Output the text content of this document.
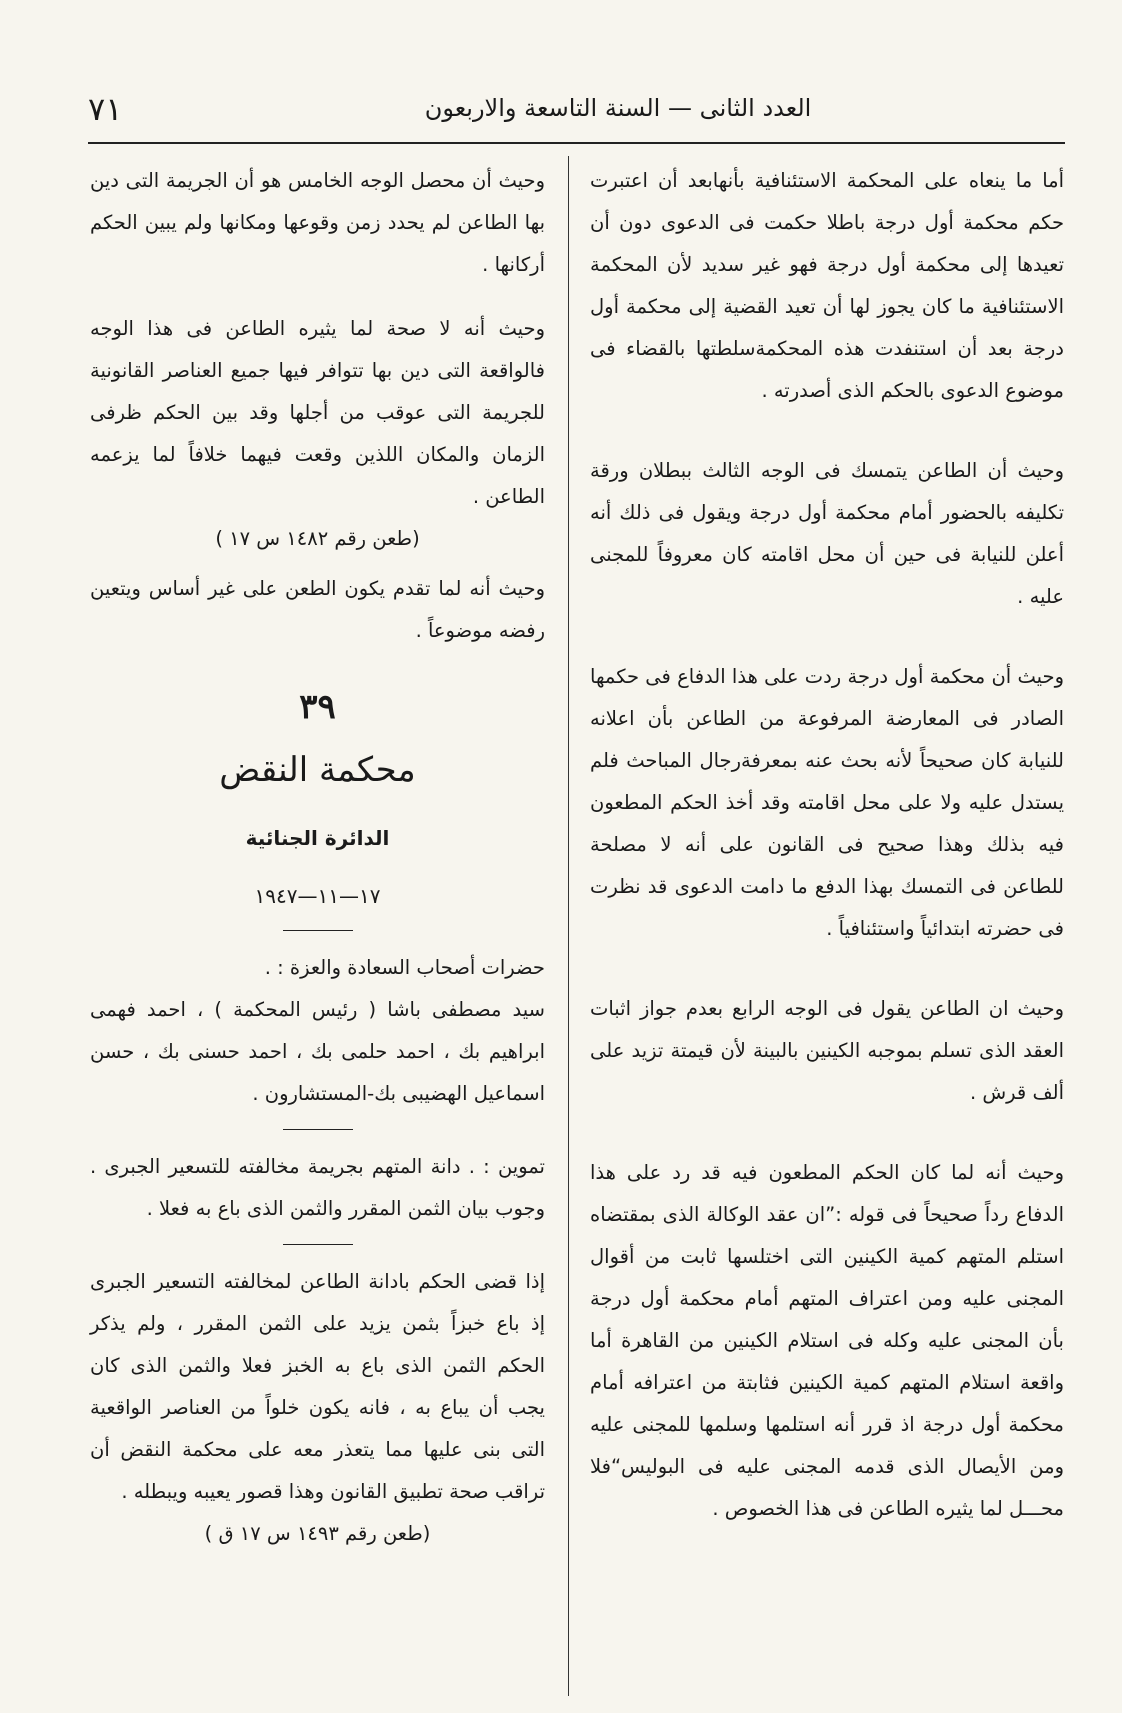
٧١	العدد الثانى — السنة التاسعة والاربعون

أما ما ينعاه على المحكمة الاستئنافية بأنهابعد أن اعتبرت حكم محكمة أول درجة باطلا حكمت فى الدعوى دون أن تعيدها إلى محكمة أول درجة فهو غير سديد لأن المحكمة الاستئنافية ما كان يجوز لها أن تعيد القضية إلى محكمة أول درجة بعد أن استنفدت هذه المحكمةسلطتها بالقضاء فى موضوع الدعوى بالحكم الذى أصدرته .

وحيث أن الطاعن يتمسك فى الوجه الثالث ببطلان ورقة تكليفه بالحضور أمام محكمة أول درجة ويقول فى ذلك أنه أعلن للنيابة فى حين أن محل اقامته كان معروفاً للمجنى عليه .

وحيث أن محكمة أول درجة ردت على هذا الدفاع فى حكمها الصادر فى المعارضة المرفوعة من الطاعن بأن اعلانه للنيابة كان صحيحاً لأنه بحث عنه بمعرفةرجال المباحث فلم يستدل عليه ولا على محل اقامته وقد أخذ الحكم المطعون فيه بذلك وهذا صحيح فى القانون على أنه لا مصلحة للطاعن فى التمسك بهذا الدفع ما دامت الدعوى قد نظرت فى حضرته ابتدائياً واستئنافياً .

وحيث ان الطاعن يقول فى الوجه الرابع بعدم جواز اثبات العقد الذى تسلم بموجبه الكينين بالبينة لأن قيمتة تزيد على ألف قرش .

وحيث أنه لما كان الحكم المطعون فيه قد رد على هذا الدفاع رداً صحيحاً فى قوله :”ان عقد الوكالة الذى بمقتضاه استلم المتهم كمية الكينين التى اختلسها ثابت من أقوال المجنى عليه ومن اعتراف المتهم أمام محكمة أول درجة بأن المجنى عليه وكله فى استلام الكينين من القاهرة أما واقعة استلام المتهم كمية الكينين فثابتة من اعترافه أمام محكمة أول درجة اذ قرر أنه استلمها وسلمها للمجنى عليه ومن الأيصال الذى قدمه المجنى عليه فى البوليس“فلا محـــل لما يثيره الطاعن فى هذا الخصوص .

وحيث أن محصل الوجه الخامس هو أن الجريمة التى دين بها الطاعن لم يحدد زمن وقوعها ومكانها ولم يبين الحكم أركانها .

وحيث أنه لا صحة لما يثيره الطاعن فى هذا الوجه فالواقعة التى دين بها تتوافر فيها جميع العناصر القانونية للجريمة التى عوقب من أجلها وقد بين الحكم ظرفى الزمان والمكان اللذين وقعت فيهما خلافاً لما يزعمه الطاعن .

(طعن رقم ١٤٨٢ س ١٧ )

وحيث أنه لما تقدم يكون الطعن على غير أساس ويتعين رفضه موضوعاً .

٣٩
محكمة النقض
الدائرة الجنائية
١٧—١١—١٩٤٧

حضرات أصحاب السعادة والعزة : .

سيد مصطفى باشا ( رئيس المحكمة ) ، احمد فهمى ابراهيم بك ، احمد حلمى بك ، احمد حسنى بك ، حسن اسماعيل الهضيبى بك-المستشارون .

تموين : . دانة المتهم بجريمة مخالفته للتسعير الجبرى . وجوب بيان الثمن المقرر والثمن الذى باع به فعلا .

إذا قضى الحكم بادانة الطاعن لمخالفته التسعير الجبرى إذ باع خبزاً بثمن يزيد على الثمن المقرر ، ولم يذكر الحكم الثمن الذى باع به الخبز فعلا والثمن الذى كان يجب أن يباع به ، فانه يكون خلواً من العناصر الواقعية التى بنى عليها مما يتعذر معه على محكمة النقض أن تراقب صحة تطبيق القانون وهذا قصور يعيبه ويبطله .

(طعن رقم ١٤٩٣ س ١٧ ق )
